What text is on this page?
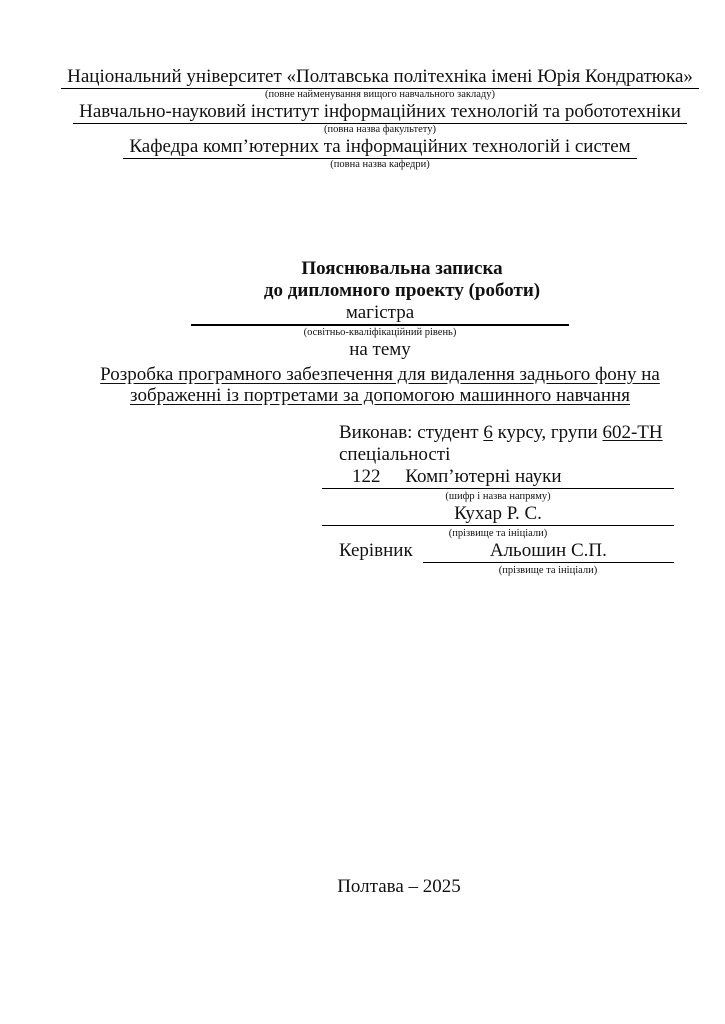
Національний університет «Полтавська політехніка імені Юрія Кондратюка»
(повне найменування вищого навчального закладу)
Навчально-науковий інститут інформаційних технологій та робототехніки
(повна назва факультету)
Кафедра комп’ютерних та інформаційних технологій і систем
(повна назва кафедри)
Пояснювальна записка
до дипломного проекту (роботи)
магістра
(освітньо-кваліфікаційний рівень)
на тему
Розробка програмного забезпечення для видалення заднього фону на
зображенні із портретами за допомогою машинного навчання
Виконав: студент 6 курсу, групи 602-ТН
спеціальності
122 Комп’ютерні науки
(шифр і назва напряму)
Кухар Р. С.
(прізвище та ініціали)
Керівник	Альошин С.П.
(прізвище та ініціали)
Полтава – 2025
